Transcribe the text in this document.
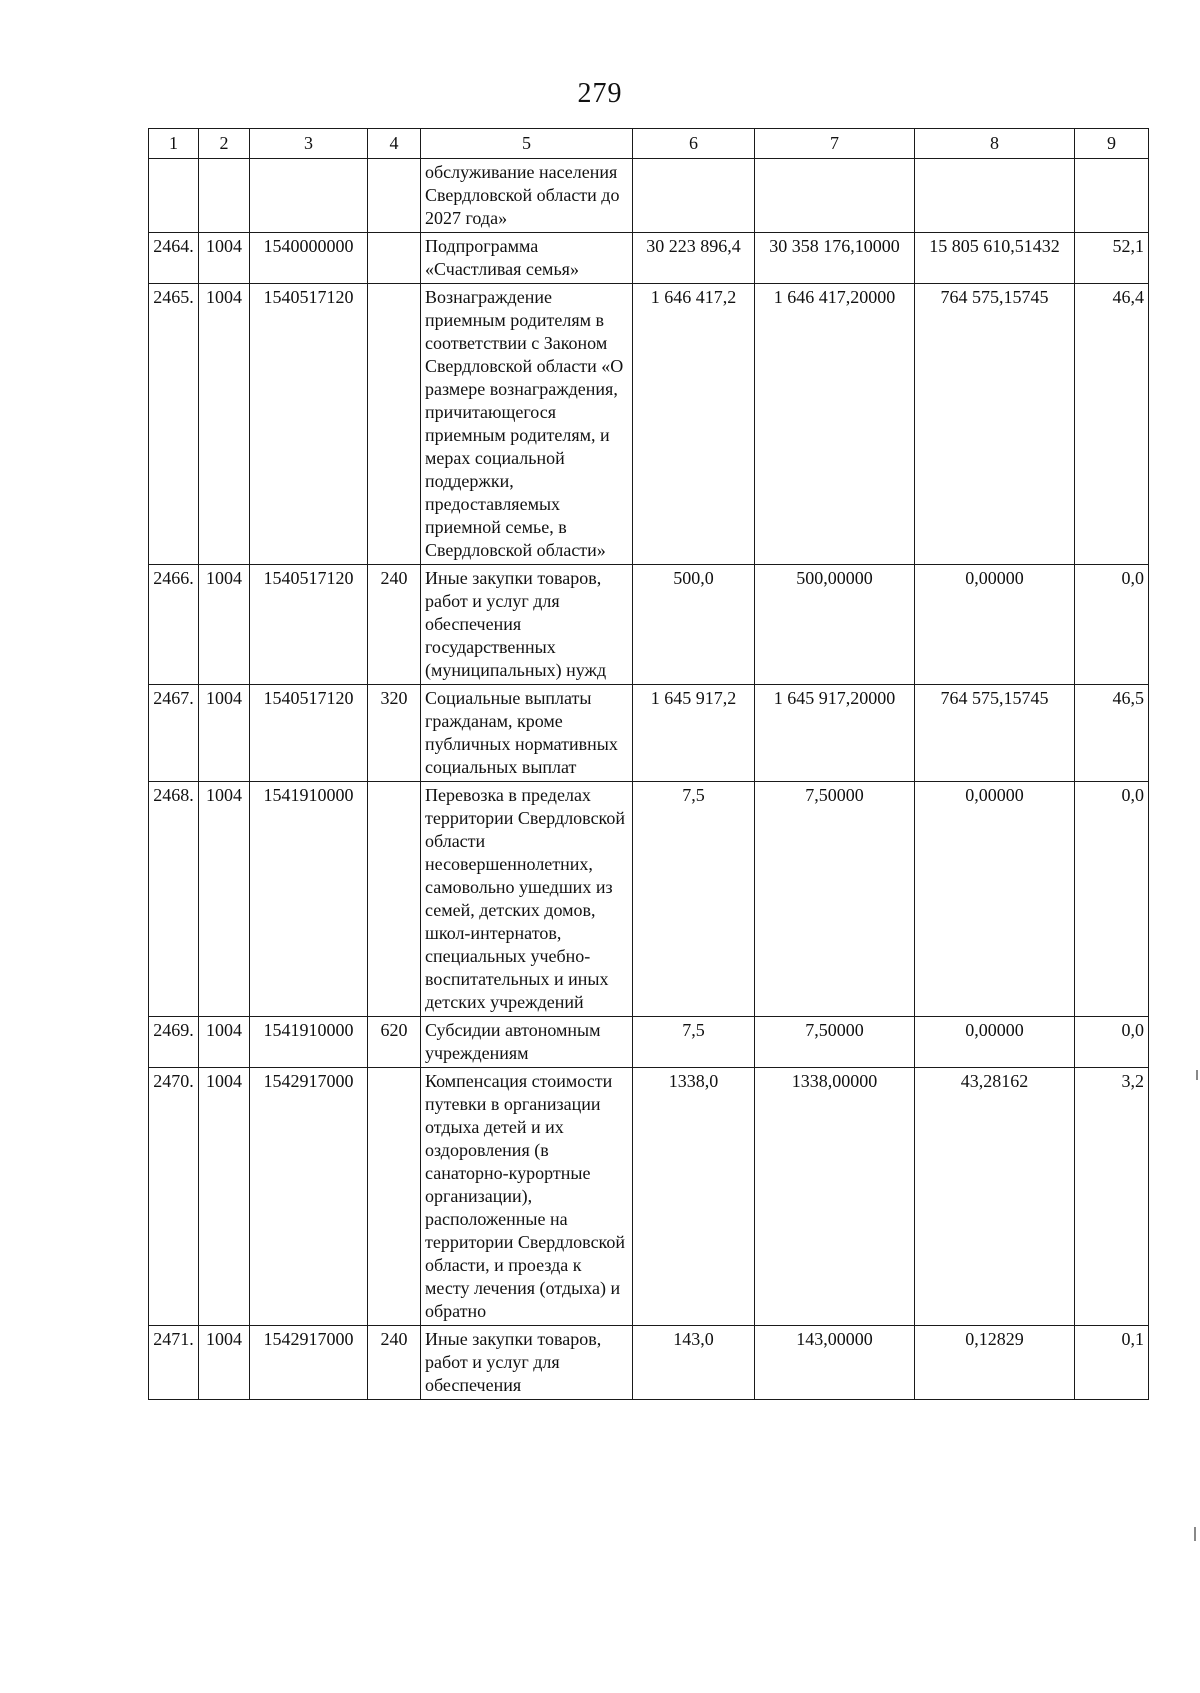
279
1	2	3	4	5	6	7	8	9
				обслуживание населения Свердловской области до 2027 года»				
2464.	1004	1540000000		Подпрограмма «Счастливая семья»	30 223 896,4	30 358 176,10000	15 805 610,51432	52,1
2465.	1004	1540517120		Вознаграждение приемным родителям в соответствии с Законом Свердловской области «О размере вознаграждения, причитающегося приемным родителям, и мерах социальной поддержки, предоставляемых приемной семье, в Свердловской области»	1 646 417,2	1 646 417,20000	764 575,15745	46,4
2466.	1004	1540517120	240	Иные закупки товаров, работ и услуг для обеспечения государственных (муниципальных) нужд	500,0	500,00000	0,00000	0,0
2467.	1004	1540517120	320	Социальные выплаты гражданам, кроме публичных нормативных социальных выплат	1 645 917,2	1 645 917,20000	764 575,15745	46,5
2468.	1004	1541910000		Перевозка в пределах территории Свердловской области несовершеннолетних, самовольно ушедших из семей, детских домов, школ-интернатов, специальных учебно-воспитательных и иных детских учреждений	7,5	7,50000	0,00000	0,0
2469.	1004	1541910000	620	Субсидии автономным учреждениям	7,5	7,50000	0,00000	0,0
2470.	1004	1542917000		Компенсация стоимости путевки в организации отдыха детей и их оздоровления (в санаторно-курортные организации), расположенные на территории Свердловской области, и проезда к месту лечения (отдыха) и обратно	1338,0	1338,00000	43,28162	3,2
2471.	1004	1542917000	240	Иные закупки товаров, работ и услуг для обеспечения	143,0	143,00000	0,12829	0,1
